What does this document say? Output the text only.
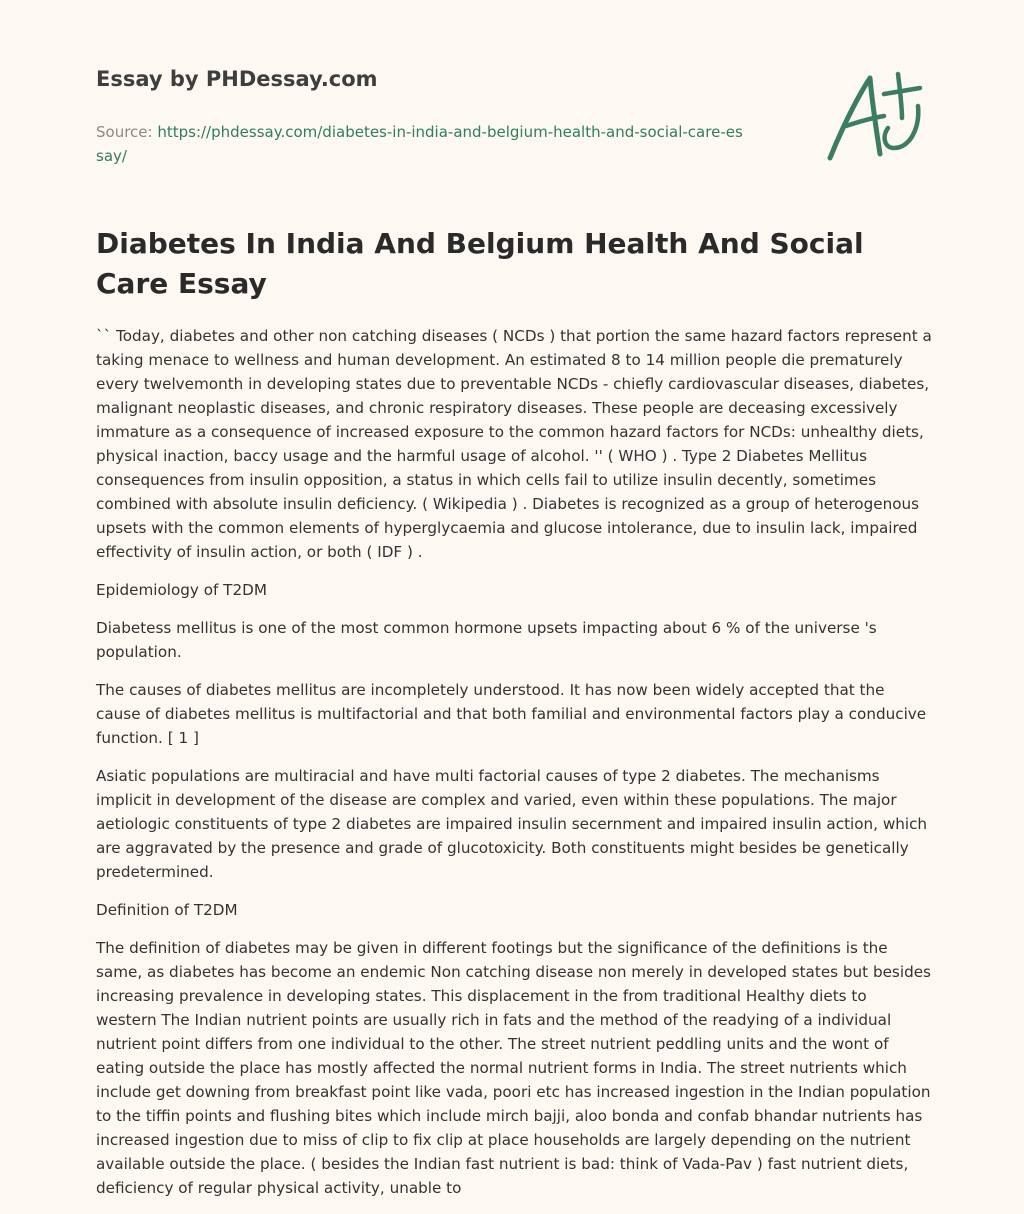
Essay by PHDessay.com
Source: https://phdessay.com/diabetes-in-india-and-belgium-health-and-social-care-essay/
Diabetes In India And Belgium Health And Social Care Essay

`` Today, diabetes and other non catching diseases ( NCDs ) that portion the same hazard factors represent a taking menace to wellness and human development. An estimated 8 to 14 million people die prematurely every twelvemonth in developing states due to preventable NCDs - chiefly cardiovascular diseases, diabetes, malignant neoplastic diseases, and chronic respiratory diseases. These people are deceasing excessively immature as a consequence of increased exposure to the common hazard factors for NCDs: unhealthy diets, physical inaction, baccy usage and the harmful usage of alcohol. '' ( WHO ) . Type 2 Diabetes Mellitus consequences from insulin opposition, a status in which cells fail to utilize insulin decently, sometimes combined with absolute insulin deficiency. ( Wikipedia ) . Diabetes is recognized as a group of heterogenous upsets with the common elements of hyperglycaemia and glucose intolerance, due to insulin lack, impaired effectivity of insulin action, or both ( IDF ) .

Epidemiology of T2DM

Diabetess mellitus is one of the most common hormone upsets impacting about 6 % of the universe 's population.

The causes of diabetes mellitus are incompletely understood. It has now been widely accepted that the cause of diabetes mellitus is multifactorial and that both familial and environmental factors play a conducive function. [ 1 ]

Asiatic populations are multiracial and have multi factorial causes of type 2 diabetes. The mechanisms implicit in development of the disease are complex and varied, even within these populations. The major aetiologic constituents of type 2 diabetes are impaired insulin secernment and impaired insulin action, which are aggravated by the presence and grade of glucotoxicity. Both constituents might besides be genetically predetermined.

Definition of T2DM

The definition of diabetes may be given in different footings but the significance of the definitions is the same, as diabetes has become an endemic Non catching disease non merely in developed states but besides increasing prevalence in developing states. This displacement in the from traditional Healthy diets to western The Indian nutrient points are usually rich in fats and the method of the readying of a individual nutrient point differs from one individual to the other. The street nutrient peddling units and the wont of eating outside the place has mostly affected the normal nutrient forms in India. The street nutrients which include get downing from breakfast point like vada, poori etc has increased ingestion in the Indian population to the tiffin points and flushing bites which include mirch bajji, aloo bonda and confab bhandar nutrients has increased ingestion due to miss of clip to fix clip at place households are largely depending on the nutrient available outside the place. ( besides the Indian fast nutrient is bad: think of Vada-Pav ) fast nutrient diets, deficiency of regular physical activity, unable to
